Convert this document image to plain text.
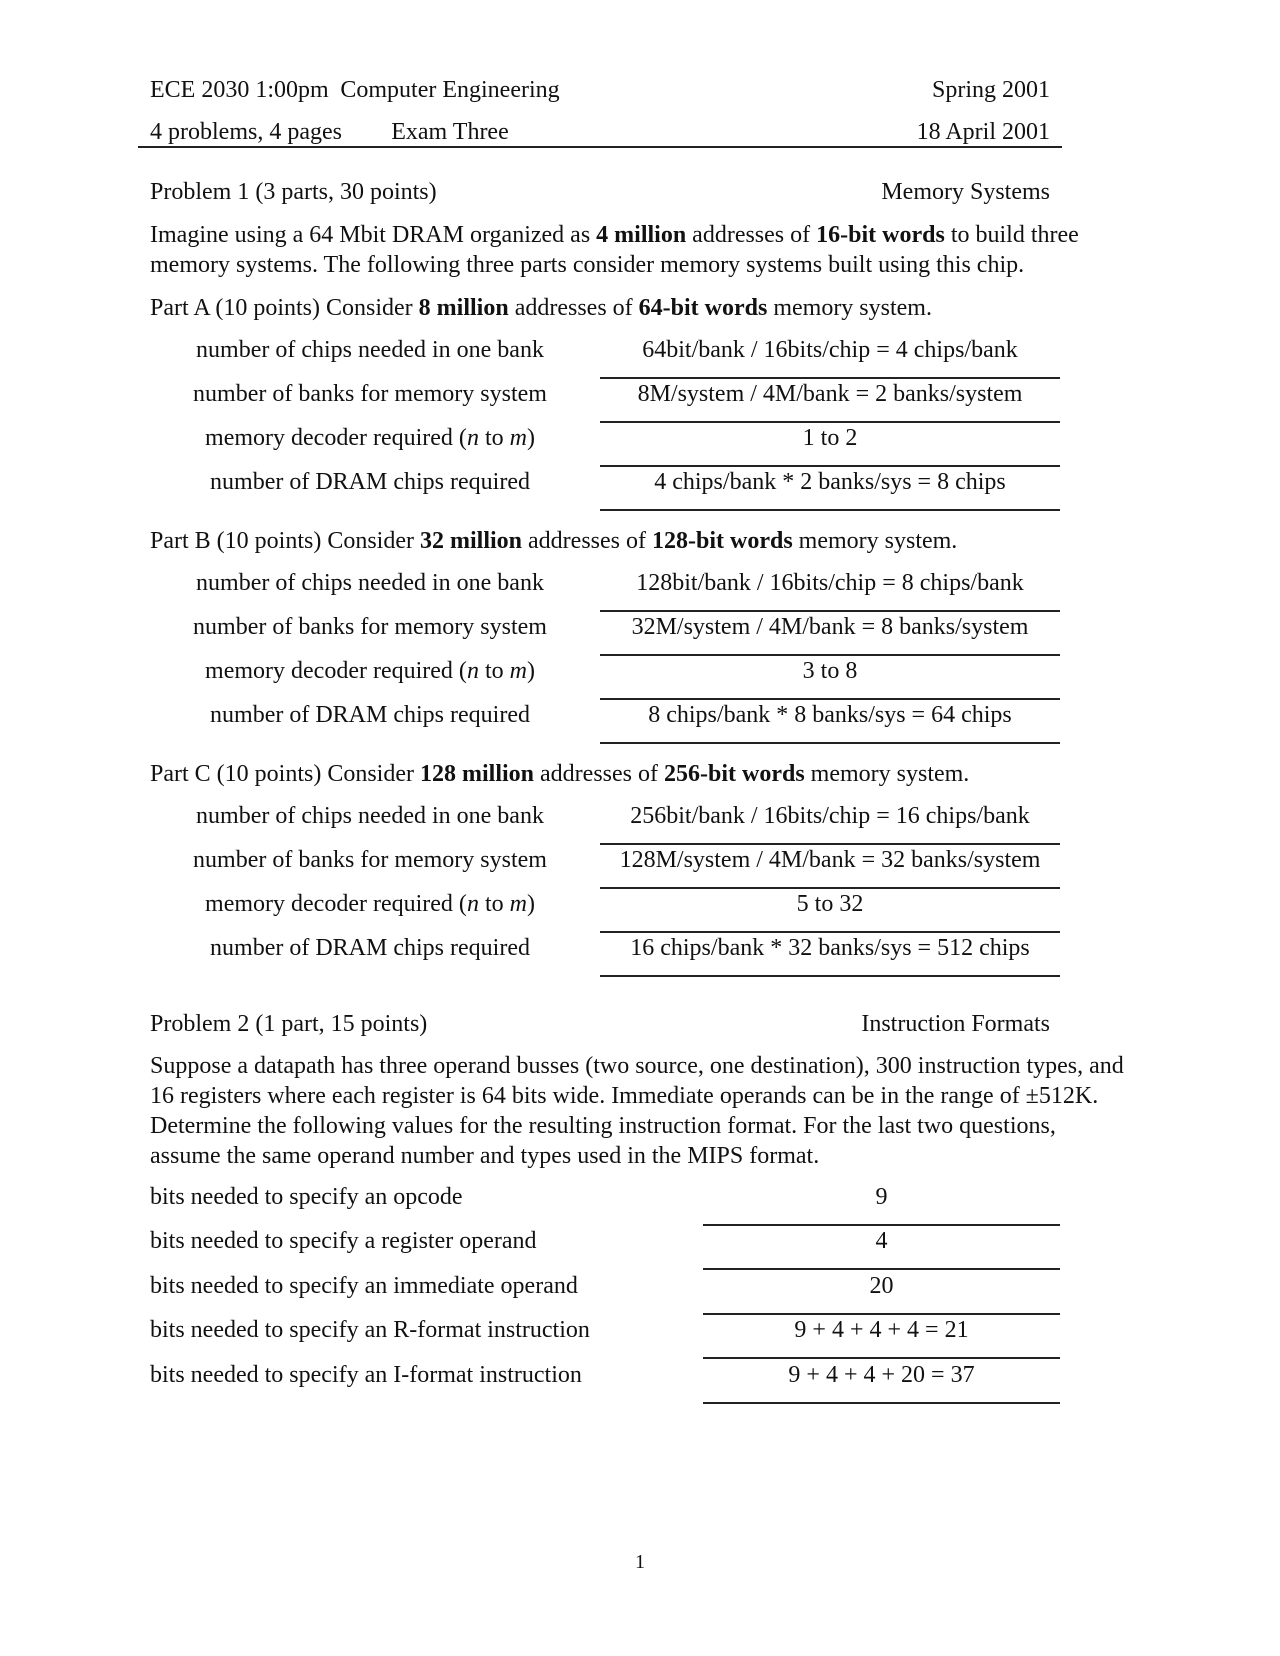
ECE 2030 1:00pm Computer Engineering	Spring 2001
4 problems, 4 pages	Exam Three	18 April 2001
Problem 1 (3 parts, 30 points)	Memory Systems
Imagine using a 64 Mbit DRAM organized as 4 million addresses of 16-bit words to build three memory systems. The following three parts consider memory systems built using this chip.
Part A (10 points) Consider 8 million addresses of 64-bit words memory system.
number of chips needed in one bank	64bit/bank / 16bits/chip = 4 chips/bank
number of banks for memory system	8M/system / 4M/bank = 2 banks/system
memory decoder required (n to m)	1 to 2
number of DRAM chips required	4 chips/bank * 2 banks/sys = 8 chips
Part B (10 points) Consider 32 million addresses of 128-bit words memory system.
number of chips needed in one bank	128bit/bank / 16bits/chip = 8 chips/bank
number of banks for memory system	32M/system / 4M/bank = 8 banks/system
memory decoder required (n to m)	3 to 8
number of DRAM chips required	8 chips/bank * 8 banks/sys = 64 chips
Part C (10 points) Consider 128 million addresses of 256-bit words memory system.
number of chips needed in one bank	256bit/bank / 16bits/chip = 16 chips/bank
number of banks for memory system	128M/system / 4M/bank = 32 banks/system
memory decoder required (n to m)	5 to 32
number of DRAM chips required	16 chips/bank * 32 banks/sys = 512 chips
Problem 2 (1 part, 15 points)	Instruction Formats
Suppose a datapath has three operand busses (two source, one destination), 300 instruction types, and 16 registers where each register is 64 bits wide. Immediate operands can be in the range of ±512K. Determine the following values for the resulting instruction format. For the last two questions, assume the same operand number and types used in the MIPS format.
bits needed to specify an opcode	9
bits needed to specify a register operand	4
bits needed to specify an immediate operand	20
bits needed to specify an R-format instruction	9 + 4 + 4 + 4 = 21
bits needed to specify an I-format instruction	9 + 4 + 4 + 20 = 37
1
